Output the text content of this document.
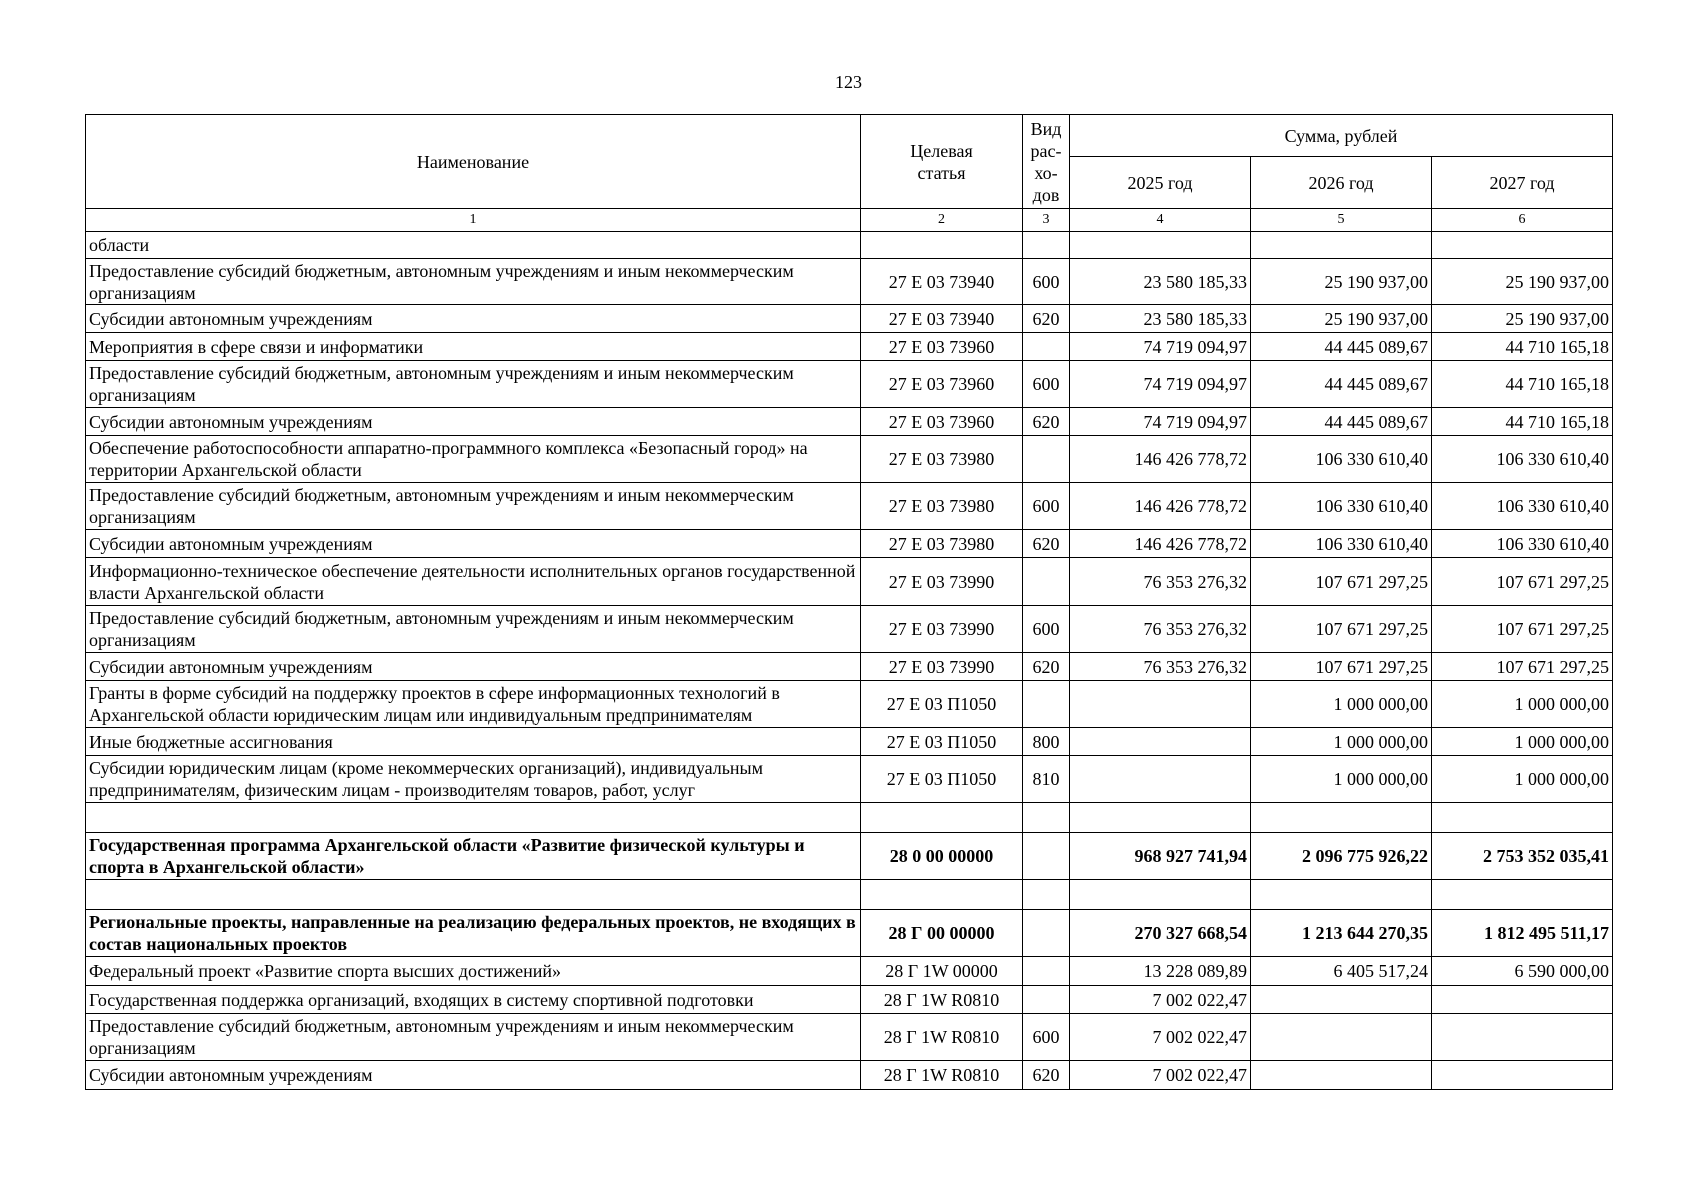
123
Наименование	Целевая статья	Вид
рас-
хо-
дов	Сумма, рублей		
			2025 год	2026 год	2027 год
1	2	3	4	5	6
области					
Предоставление субсидий бюджетным, автономным учреждениям и иным некоммерческим организациям	27 Е 03 73940	600	23 580 185,33	25 190 937,00	25 190 937,00
Субсидии автономным учреждениям	27 Е 03 73940	620	23 580 185,33	25 190 937,00	25 190 937,00
Мероприятия в сфере связи и информатики	27 Е 03 73960		74 719 094,97	44 445 089,67	44 710 165,18
Предоставление субсидий бюджетным, автономным учреждениям и иным некоммерческим организациям	27 Е 03 73960	600	74 719 094,97	44 445 089,67	44 710 165,18
Субсидии автономным учреждениям	27 Е 03 73960	620	74 719 094,97	44 445 089,67	44 710 165,18
Обеспечение работоспособности аппаратно-программного комплекса «Безопасный город» на территории Архангельской области	27 Е 03 73980		146 426 778,72	106 330 610,40	106 330 610,40
Предоставление субсидий бюджетным, автономным учреждениям и иным некоммерческим организациям	27 Е 03 73980	600	146 426 778,72	106 330 610,40	106 330 610,40
Субсидии автономным учреждениям	27 Е 03 73980	620	146 426 778,72	106 330 610,40	106 330 610,40
Информационно-техническое обеспечение деятельности исполнительных органов государственной власти Архангельской области	27 Е 03 73990		76 353 276,32	107 671 297,25	107 671 297,25
Предоставление субсидий бюджетным, автономным учреждениям и иным некоммерческим организациям	27 Е 03 73990	600	76 353 276,32	107 671 297,25	107 671 297,25
Субсидии автономным учреждениям	27 Е 03 73990	620	76 353 276,32	107 671 297,25	107 671 297,25
Гранты в форме субсидий на поддержку проектов в сфере информационных технологий в Архангельской области юридическим лицам или индивидуальным предпринимателям	27 Е 03 П1050			1 000 000,00	1 000 000,00
Иные бюджетные ассигнования	27 Е 03 П1050	800		1 000 000,00	1 000 000,00
Субсидии юридическим лицам (кроме некоммерческих организаций), индивидуальным предпринимателям, физическим лицам - производителям товаров, работ, услуг	27 Е 03 П1050	810		1 000 000,00	1 000 000,00

Государственная программа Архангельской области «Развитие физической культуры и спорта в Архангельской области»	28 0 00 00000		968 927 741,94	2 096 775 926,22	2 753 352 035,41

Региональные проекты, направленные на реализацию федеральных проектов, не входящих в состав национальных проектов	28 Г 00 00000		270 327 668,54	1 213 644 270,35	1 812 495 511,17
Федеральный проект «Развитие спорта высших достижений»	28 Г 1W 00000		13 228 089,89	6 405 517,24	6 590 000,00
Государственная поддержка организаций, входящих в систему спортивной подготовки	28 Г 1W R0810		7 002 022,47		
Предоставление субсидий бюджетным, автономным учреждениям и иным некоммерческим организациям	28 Г 1W R0810	600	7 002 022,47		
Субсидии автономным учреждениям	28 Г 1W R0810	620	7 002 022,47		
